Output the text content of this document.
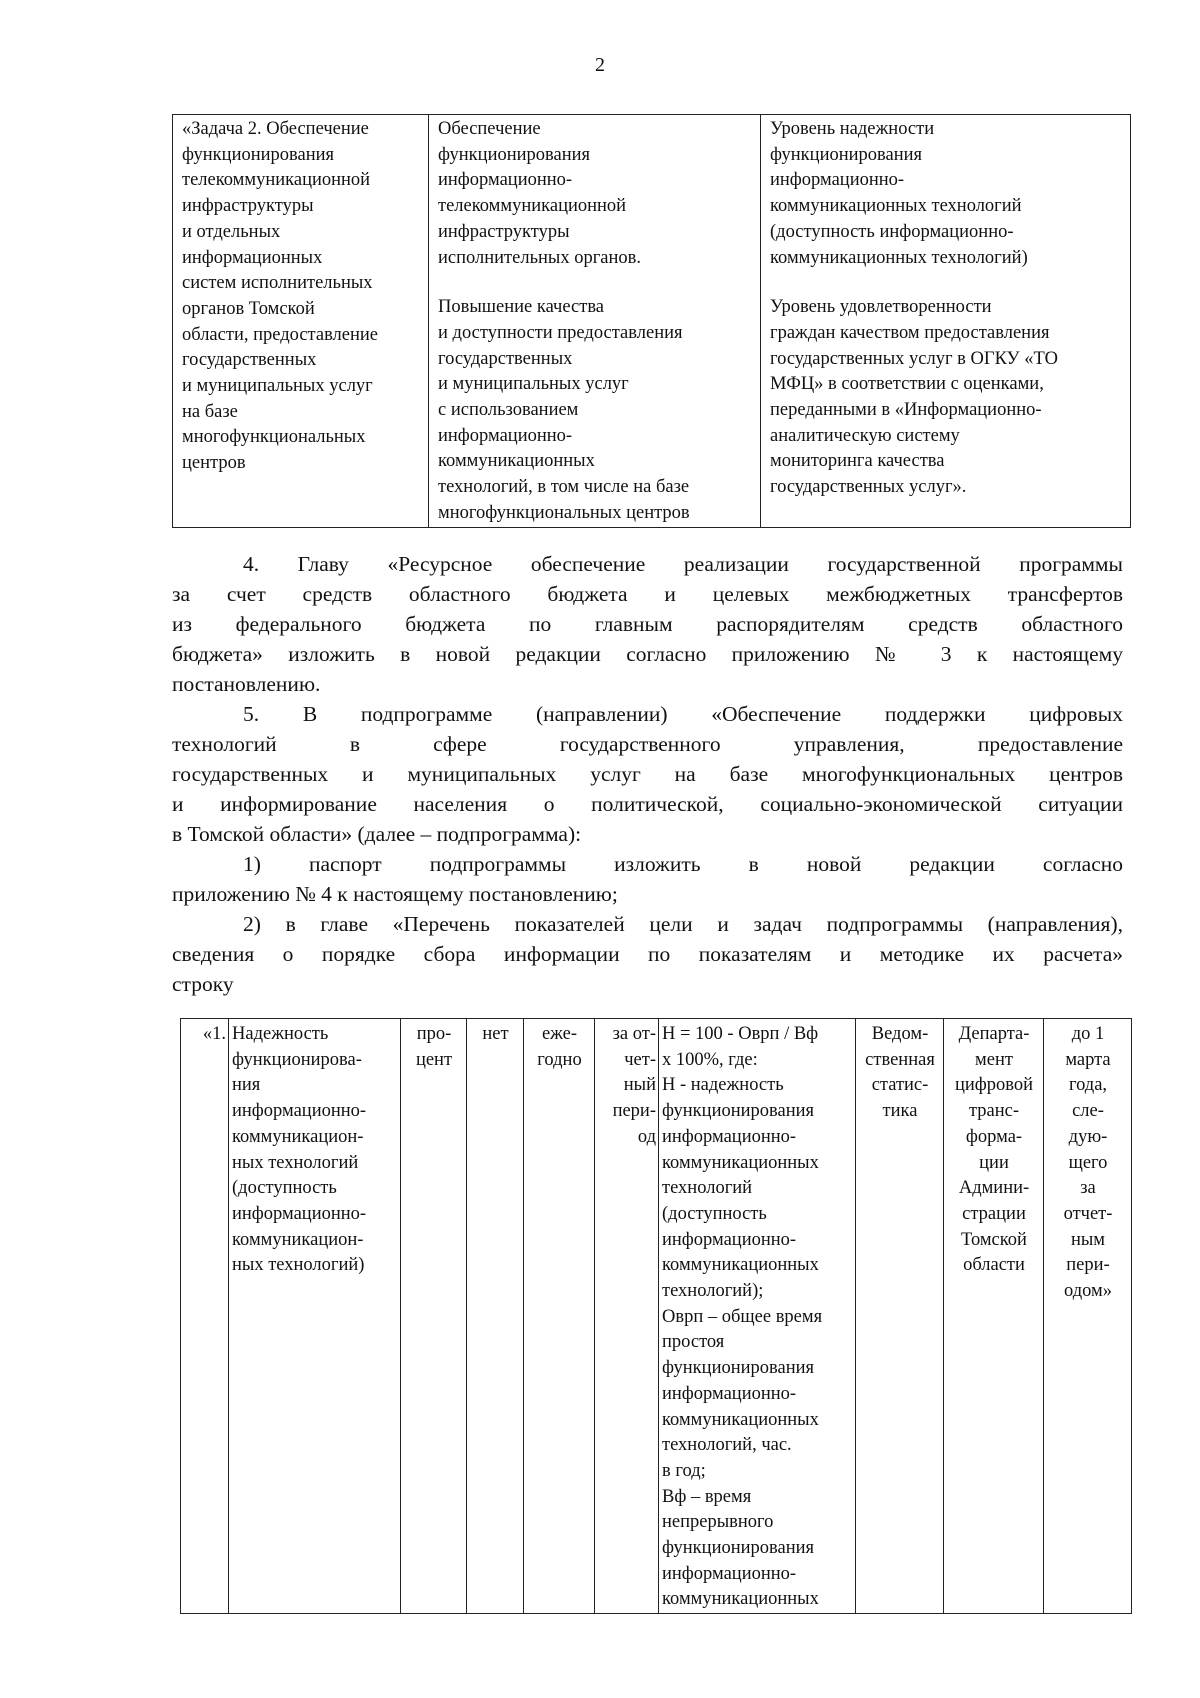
2
«Задача 2. Обеспечение
функционирования
телекоммуникационной
инфраструктуры
и отдельных
информационных
систем исполнительных
органов Томской
области, предоставление
государственных
и муниципальных услуг
на базе
многофункциональных
центров

Обеспечение
функционирования
информационно-
телекоммуникационной
инфраструктуры
исполнительных органов.
Повышение качества
и доступности предоставления
государственных
и муниципальных услуг
с использованием
информационно-
коммуникационных
технологий, в том числе на базе
многофункциональных центров

Уровень надежности
функционирования
информационно-
коммуникационных технологий
(доступность информационно-
коммуникационных технологий)
Уровень удовлетворенности
граждан качеством предоставления
государственных услуг в ОГКУ «ТО
МФЦ» в соответствии с оценками,
переданными в «Информационно-
аналитическую систему
мониторинга качества
государственных услуг».

4. Главу «Ресурсное обеспечение реализации государственной программы
за счет средств областного бюджета и целевых межбюджетных трансфертов
из федерального бюджета по главным распорядителям средств областного
бюджета» изложить в новой редакции согласно приложению № 3 к настоящему
постановлению.

5. В подпрограмме (направлении) «Обеспечение поддержки цифровых
технологий в сфере государственного управления, предоставление
государственных и муниципальных услуг на базе многофункциональных центров
и информирование населения о политической, социально-экономической ситуации
в Томской области» (далее – подпрограмма):

1) паспорт подпрограммы изложить в новой редакции согласно
приложению № 4 к настоящему постановлению;

2) в главе «Перечень показателей цели и задач подпрограммы (направления),
сведения о порядке сбора информации по показателям и методике их расчета»
строку

«1.	Надежность
функционирова-
ния
информационно-
коммуникацион-
ных технологий
(доступность
информационно-
коммуникацион-
ных технологий)

про-
цент

нет	еже-
годно

за от-
чет-
ный
пери-
од

Н = 100 - Оврп / Вф
х 100%, где:
Н - надежность
функционирования
информационно-
коммуникационных
технологий
(доступность
информационно-
коммуникационных
технологий);
Оврп – общее время
простоя
функционирования
информационно-
коммуникационных
технологий, час.
в год;
Вф – время
непрерывного
функционирования
информационно-
коммуникационных

Ведом-
ственная
статис-
тика

Департа-
мент
цифровой
транс-
форма-
ции
Админи-
страции
Томской
области

до 1
марта
года,
сле-
дую-
щего
за
отчет-
ным
пери-
одом»
